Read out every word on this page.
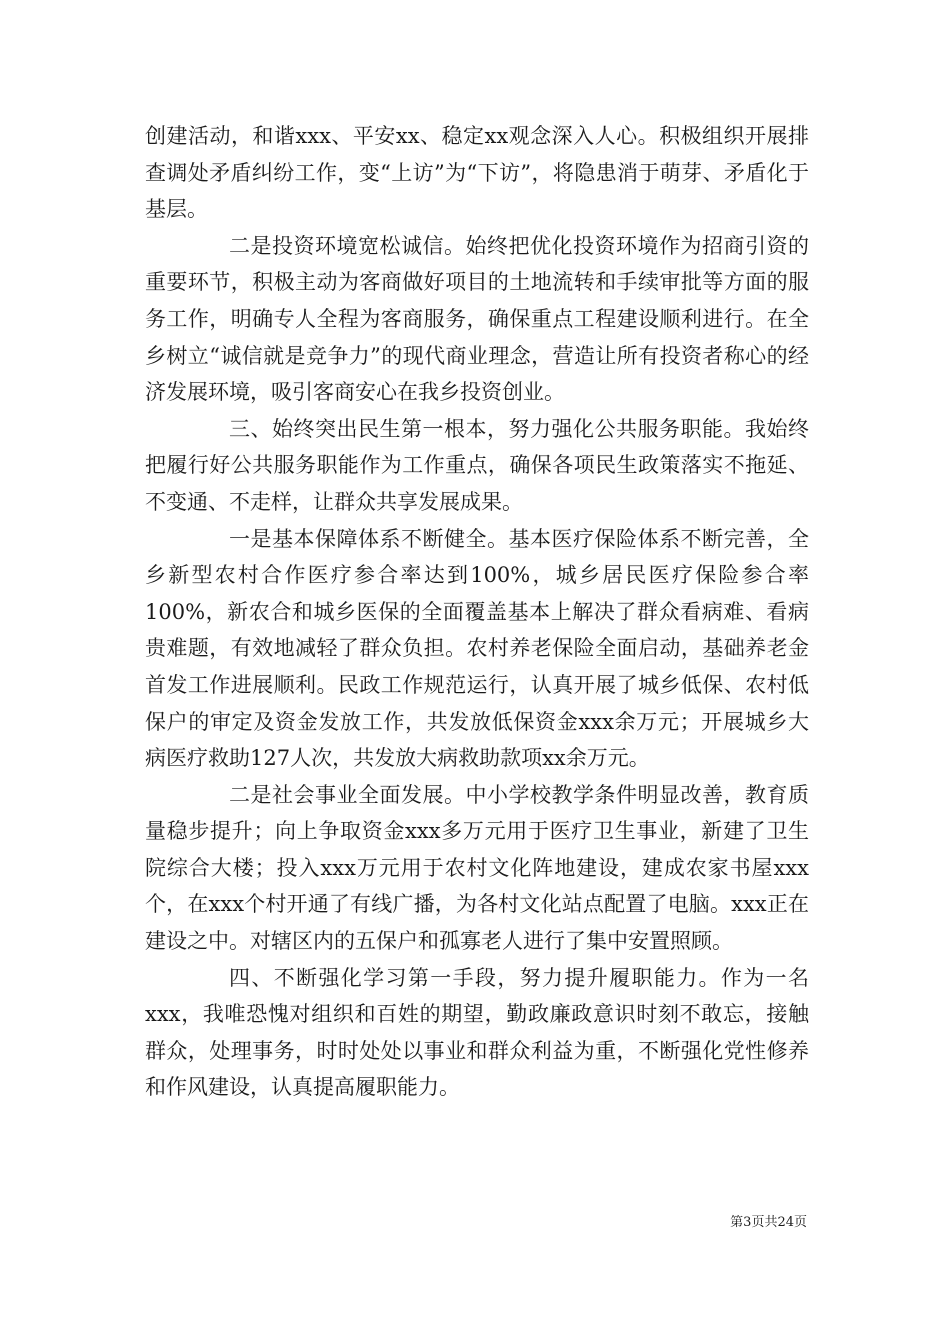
创建活动，和谐xxx、平安xx、稳定xx观念深入人心。积极组织开展排查调处矛盾纠纷工作，变“上访”为“下访”，将隐患消于萌芽、矛盾化于基层。

二是投资环境宽松诚信。始终把优化投资环境作为招商引资的重要环节，积极主动为客商做好项目的土地流转和手续审批等方面的服务工作，明确专人全程为客商服务，确保重点工程建设顺利进行。在全乡树立“诚信就是竞争力”的现代商业理念，营造让所有投资者称心的经济发展环境，吸引客商安心在我乡投资创业。

三、始终突出民生第一根本，努力强化公共服务职能。我始终把履行好公共服务职能作为工作重点，确保各项民生政策落实不拖延、不变通、不走样，让群众共享发展成果。

一是基本保障体系不断健全。基本医疗保险体系不断完善，全乡新型农村合作医疗参合率达到100%，城乡居民医疗保险参合率100%，新农合和城乡医保的全面覆盖基本上解决了群众看病难、看病贵难题，有效地减轻了群众负担。农村养老保险全面启动，基础养老金首发工作进展顺利。民政工作规范运行，认真开展了城乡低保、农村低保户的审定及资金发放工作，共发放低保资金xxx余万元；开展城乡大病医疗救助127人次，共发放大病救助款项xx余万元。

二是社会事业全面发展。中小学校教学条件明显改善，教育质量稳步提升；向上争取资金xxx多万元用于医疗卫生事业，新建了卫生院综合大楼；投入xxx万元用于农村文化阵地建设，建成农家书屋xxx个，在xxx个村开通了有线广播，为各村文化站点配置了电脑。xxx正在建设之中。对辖区内的五保户和孤寡老人进行了集中安置照顾。

四、不断强化学习第一手段，努力提升履职能力。作为一名xxx，我唯恐愧对组织和百姓的期望，勤政廉政意识时刻不敢忘，接触群众，处理事务，时时处处以事业和群众利益为重，不断强化党性修养和作风建设，认真提高履职能力。

第3页共24页
